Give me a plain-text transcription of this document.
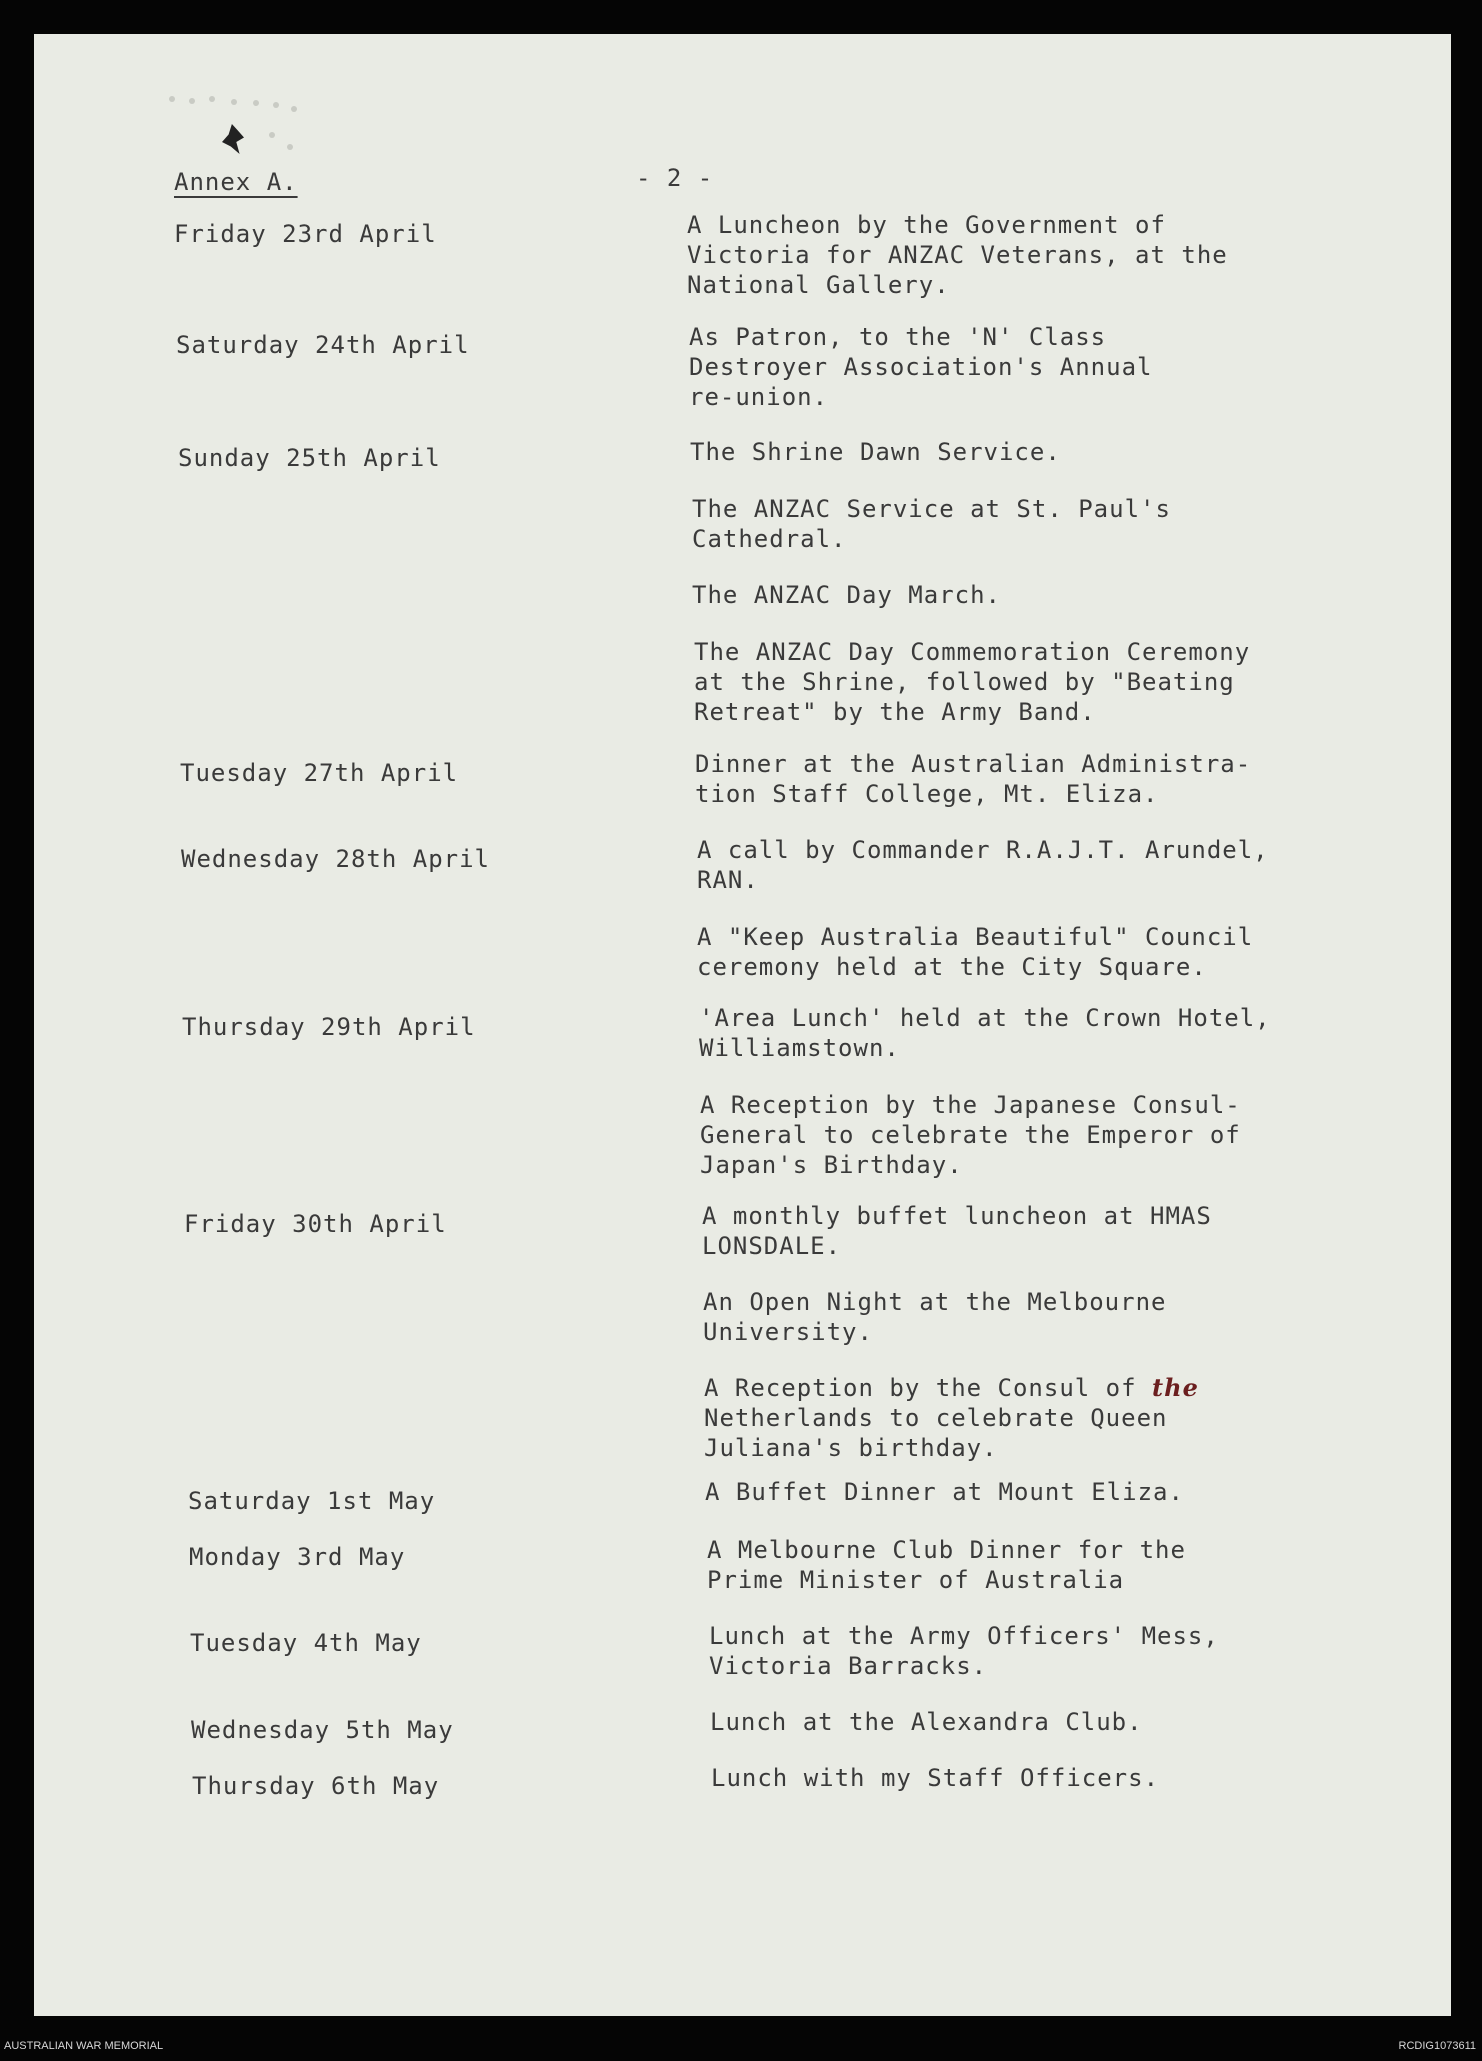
Annex A.	- 2 -
Friday 23rd April	A Luncheon by the Government of
Victoria for ANZAC Veterans, at the
National Gallery.
Saturday 24th April	As Patron, to the 'N' Class
Destroyer Association's Annual
re-union.
Sunday 25th April	The Shrine Dawn Service.
The ANZAC Service at St. Paul's
Cathedral.
The ANZAC Day March.
The ANZAC Day Commemoration Ceremony
at the Shrine, followed by "Beating
Retreat" by the Army Band.
Tuesday 27th April	Dinner at the Australian Administra-
tion Staff College, Mt. Eliza.
Wednesday 28th April	A call by Commander R.A.J.T. Arundel,
RAN.
A "Keep Australia Beautiful" Council
ceremony held at the City Square.
Thursday 29th April	'Area Lunch' held at the Crown Hotel,
Williamstown.
A Reception by the Japanese Consul-
General to celebrate the Emperor of
Japan's Birthday.
Friday 30th April	A monthly buffet luncheon at HMAS
LONSDALE.
An Open Night at the Melbourne
University.
A Reception by the Consul of the
Netherlands to celebrate Queen
Juliana's birthday.
Saturday 1st May	A Buffet Dinner at Mount Eliza.
Monday 3rd May	A Melbourne Club Dinner for the
Prime Minister of Australia
Tuesday 4th May	Lunch at the Army Officers' Mess,
Victoria Barracks.
Wednesday 5th May	Lunch at the Alexandra Club.
Thursday 6th May	Lunch with my Staff Officers.
AUSTRALIAN WAR MEMORIAL	RCDIG1073611
